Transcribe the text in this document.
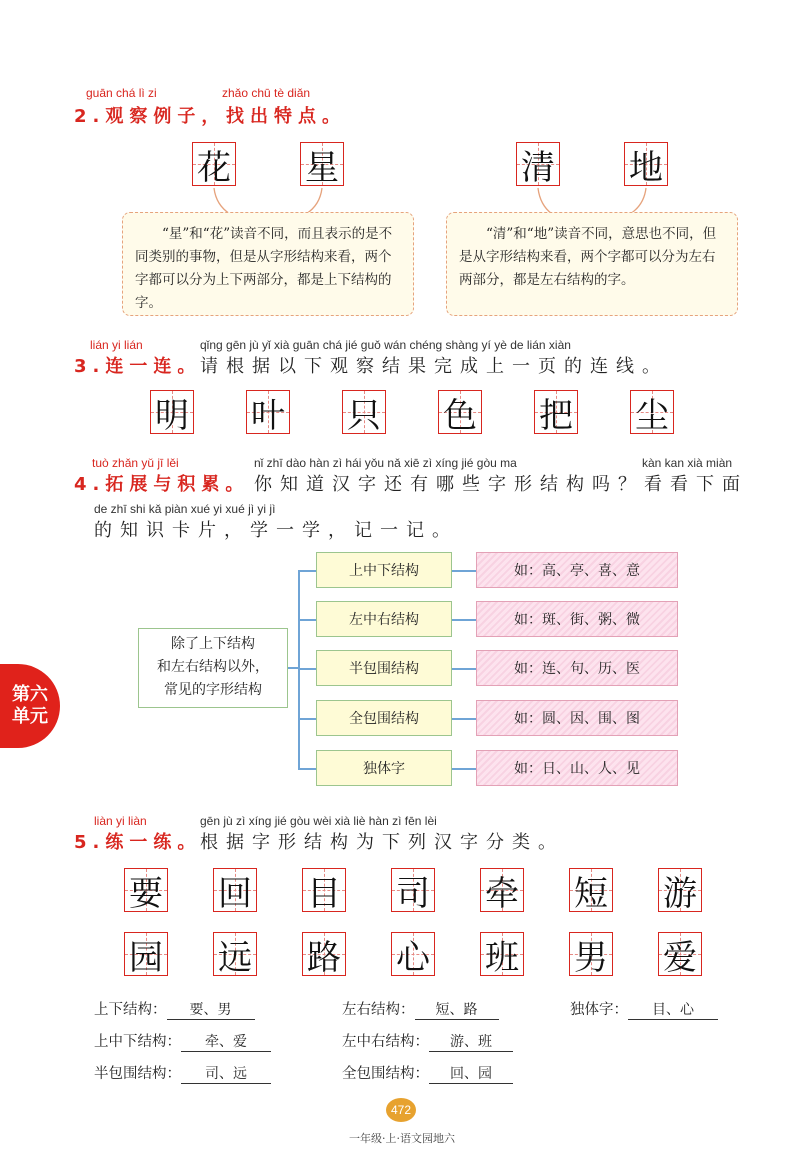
guān chá lì zi	zhǎo chū tè diǎn
2.观察例子， 找出特点。
花 星	清 地
“星”和“花”读音不同，而且表示的是不同类别的事物，但是从字形结构来看，两个字都可以分为上下两部分，都是上下结构的字。
“清”和“地”读音不同，意思也不同，但是从字形结构来看，两个字都可以分为左右两部分，都是左右结构的字。
lián yi lián	qǐng gēn jù yǐ xià guān chá jié guǒ wán chéng shàng yí yè de lián xiàn
3.连一连。
请根据以下观察结果完成上一页的连线。
明 叶 只 色 把 尘
tuò zhǎn yǔ jī lěi	nǐ zhī dào hàn zì hái yǒu nǎ xiē zì xíng jié gòu ma	kàn kan xià miàn
4.拓展与积累。 你知道汉字还有哪些字形结构吗？ 看看下面
de zhī shi kǎ piàn xué yi xué jì yi jì
的知识卡片，学一学，记一记。
除了上下结构
和左右结构以外，
常见的字形结构
上中下结构
左中右结构
半包围结构
全包围结构
独体字
如：高、亭、喜、意
如：斑、街、粥、微
如：连、句、历、医
如：圆、因、围、图
如：日、山、人、见
第六
单元
liàn yi liàn	gēn jù zì xíng jié gòu wèi xià liè hàn zì fēn lèi
5.练一练。
根据字形结构为下列汉字分类。
要 回 目 司 牵 短 游
园 远 路 心 班 男 爱
上下结构： 要、男	左右结构： 短、路	独体字： 目、心
上中下结构： 牵、爱	左中右结构： 游、班
半包围结构： 司、远	全包围结构： 回、园
472
一年级·上·语文园地六
